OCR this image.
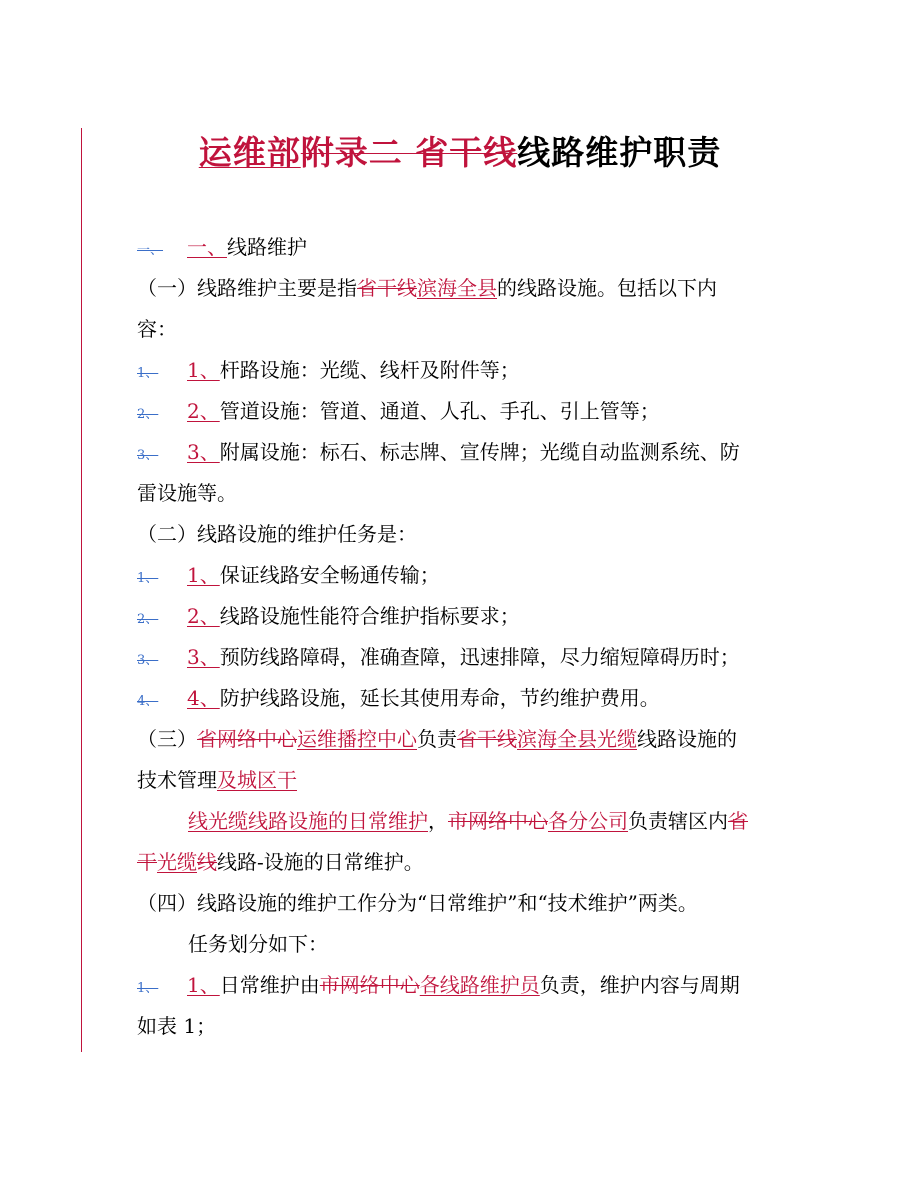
运维部附录二 省干线线路维护职责
一、 一、线路维护
（一）线路维护主要是指省干线滨海全县的线路设施。包括以下内
容：
1、 1、杆路设施：光缆、线杆及附件等；
2、 2、管道设施：管道、通道、人孔、手孔、引上管等；
3、 3、附属设施：标石、标志牌、宣传牌；光缆自动监测系统、防
雷设施等。
（二）线路设施的维护任务是：
1、 1、保证线路安全畅通传输；
2、 2、线路设施性能符合维护指标要求；
3、 3、预防线路障碍，准确查障，迅速排障，尽力缩短障碍历时；
4、 4、防护线路设施，延长其使用寿命，节约维护费用。
（三）省网络中心运维播控中心负责省干线滨海全县光缆线路设施的
技术管理及城区干
线光缆线路设施的日常维护，市网络中心各分公司负责辖区内省
干光缆线线路-设施的日常维护。
（四）线路设施的维护工作分为“日常维护”和“技术维护”两类。
任务划分如下：
1、 1、日常维护由市网络中心各线路维护员负责，维护内容与周期
如表 1；
